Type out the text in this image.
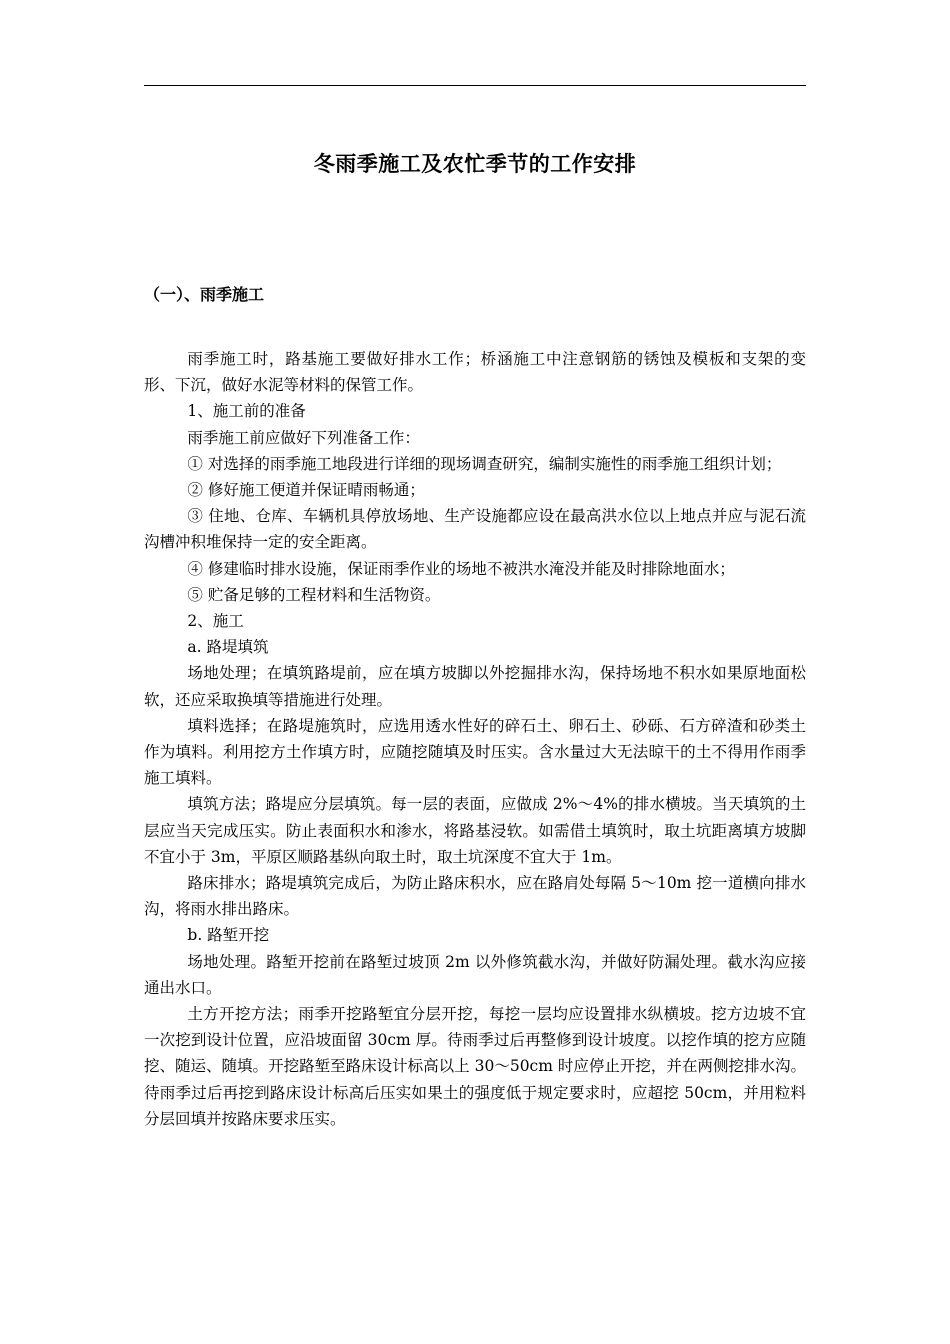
冬雨季施工及农忙季节的工作安排
（一）、雨季施工

雨季施工时，路基施工要做好排水工作；桥涵施工中注意钢筋的锈蚀及模板和支架的变形、下沉，做好水泥等材料的保管工作。

1、施工前的准备

雨季施工前应做好下列准备工作：

① 对选择的雨季施工地段进行详细的现场调查研究，编制实施性的雨季施工组织计划；

② 修好施工便道并保证晴雨畅通；

③ 住地、仓库、车辆机具停放场地、生产设施都应设在最高洪水位以上地点并应与泥石流沟槽冲积堆保持一定的安全距离。

④ 修建临时排水设施，保证雨季作业的场地不被洪水淹没并能及时排除地面水；

⑤ 贮备足够的工程材料和生活物资。

2、施工

a. 路堤填筑

场地处理；在填筑路堤前，应在填方坡脚以外挖掘排水沟，保持场地不积水如果原地面松软，还应采取换填等措施进行处理。

填料选择；在路堤施筑时，应选用透水性好的碎石土、卵石土、砂砾、石方碎渣和砂类土作为填料。利用挖方土作填方时，应随挖随填及时压实。含水量过大无法晾干的土不得用作雨季施工填料。

填筑方法；路堤应分层填筑。每一层的表面，应做成 2%～4%的排水横坡。当天填筑的土层应当天完成压实。防止表面积水和渗水，将路基浸软。如需借土填筑时，取土坑距离填方坡脚不宜小于 3m，平原区顺路基纵向取土时，取土坑深度不宜大于 1m。

路床排水；路堤填筑完成后，为防止路床积水，应在路肩处每隔 5～10m 挖一道横向排水沟，将雨水排出路床。

b. 路堑开挖

场地处理。路堑开挖前在路堑过坡顶 2m 以外修筑截水沟，并做好防漏处理。截水沟应接通出水口。

土方开挖方法；雨季开挖路堑宜分层开挖，每挖一层均应设置排水纵横坡。挖方边坡不宜一次挖到设计位置，应沿坡面留 30cm 厚。待雨季过后再整修到设计坡度。以挖作填的挖方应随挖、随运、随填。开挖路堑至路床设计标高以上 30～50cm 时应停止开挖，并在两侧挖排水沟。待雨季过后再挖到路床设计标高后压实如果土的强度低于规定要求时，应超挖 50cm，并用粒料分层回填并按路床要求压实。
